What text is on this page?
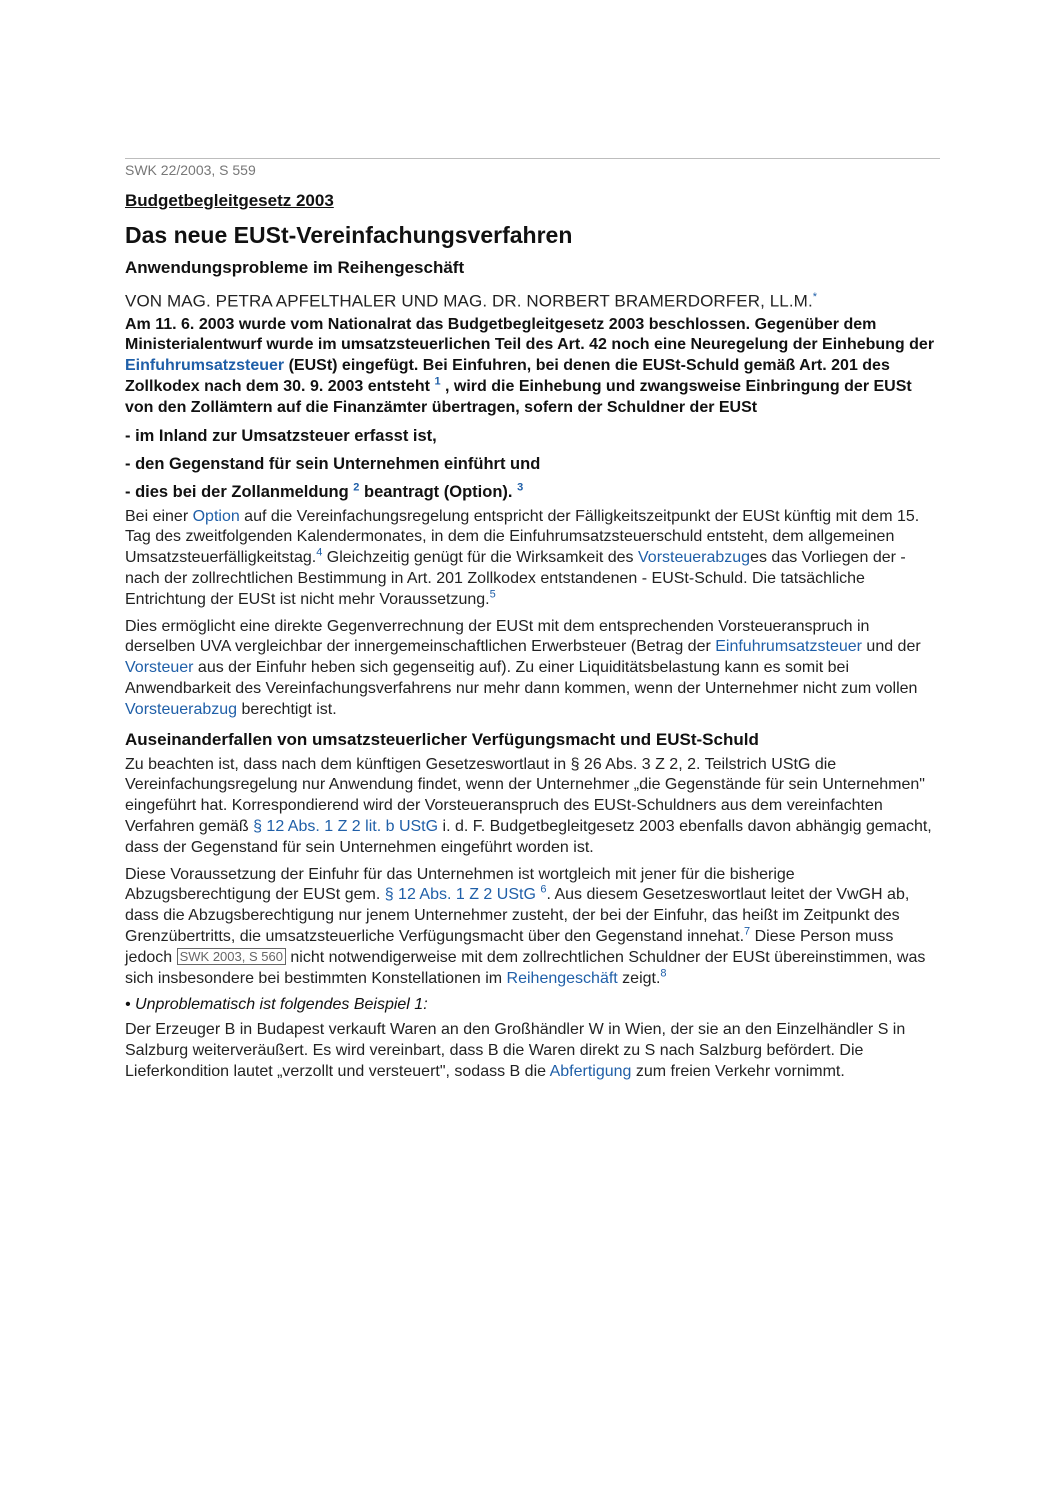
SWK 22/2003, S 559
Budgetbegleitgesetz 2003
Das neue EUSt-Vereinfachungsverfahren
Anwendungsprobleme im Reihengeschäft
VON MAG. PETRA APFELTHALER UND MAG. DR. NORBERT BRAMERDORFER, LL.M.*
Am 11. 6. 2003 wurde vom Nationalrat das Budgetbegleitgesetz 2003 beschlossen. Gegenüber dem Ministerialentwurf wurde im umsatzsteuerlichen Teil des Art. 42 noch eine Neuregelung der Einhebung der Einfuhrumsatzsteuer (EUSt) eingefügt. Bei Einfuhren, bei denen die EUSt-Schuld gemäß Art. 201 des Zollkodex nach dem 30. 9. 2003 entsteht $^1$ , wird die Einhebung und zwangsweise Einbringung der EUSt von den Zollämtern auf die Finanzämter übertragen, sofern der Schuldner der EUSt
- im Inland zur Umsatzsteuer erfasst ist,
- den Gegenstand für sein Unternehmen einführt und
- dies bei der Zollanmeldung $^2$ beantragt (Option). $^3$

Bei einer Option auf die Vereinfachungsregelung entspricht der Fälligkeitszeitpunkt der EUSt künftig mit dem 15. Tag des zweitfolgenden Kalendermonates, in dem die Einfuhrumsatzsteuerschuld entsteht, dem allgemeinen Umsatzsteuerfälligkeitstag.$^4$ Gleichzeitig genügt für die Wirksamkeit des Vorsteuerabzuges das Vorliegen der - nach der zollrechtlichen Bestimmung in Art. 201 Zollkodex entstandenen - EUSt-Schuld. Die tatsächliche Entrichtung der EUSt ist nicht mehr Voraussetzung.$^5$

Dies ermöglicht eine direkte Gegenverrechnung der EUSt mit dem entsprechenden Vorsteueranspruch in derselben UVA vergleichbar der innergemeinschaftlichen Erwerbsteuer (Betrag der Einfuhrumsatzsteuer und der Vorsteuer aus der Einfuhr heben sich gegenseitig auf). Zu einer Liquiditätsbelastung kann es somit bei Anwendbarkeit des Vereinfachungsverfahrens nur mehr dann kommen, wenn der Unternehmer nicht zum vollen Vorsteuerabzug berechtigt ist.

Auseinanderfallen von umsatzsteuerlicher Verfügungsmacht und EUSt-Schuld

Zu beachten ist, dass nach dem künftigen Gesetzeswortlaut in § 26 Abs. 3 Z 2, 2. Teilstrich UStG die Vereinfachungsregelung nur Anwendung findet, wenn der Unternehmer „die Gegenstände für sein Unternehmen" eingeführt hat. Korrespondierend wird der Vorsteueranspruch des EUSt-Schuldners aus dem vereinfachten Verfahren gemäß § 12 Abs. 1 Z 2 lit. b UStG i. d. F. Budgetbegleitgesetz 2003 ebenfalls davon abhängig gemacht, dass der Gegenstand für sein Unternehmen eingeführt worden ist.

Diese Voraussetzung der Einfuhr für das Unternehmen ist wortgleich mit jener für die bisherige Abzugsberechtigung der EUSt gem. § 12 Abs. 1 Z 2 UStG $^6$. Aus diesem Gesetzeswortlaut leitet der VwGH ab, dass die Abzugsberechtigung nur jenem Unternehmer zusteht, der bei der Einfuhr, das heißt im Zeitpunkt des Grenzübertritts, die umsatzsteuerliche Verfügungsmacht über den Gegenstand innehat.$^7$ Diese Person muss jedoch SWK 2003, S 560 nicht notwendigerweise mit dem zollrechtlichen Schuldner der EUSt übereinstimmen, was sich insbesondere bei bestimmten Konstellationen im Reihengeschäft zeigt.$^8$

• Unproblematisch ist folgendes Beispiel 1:

Der Erzeuger B in Budapest verkauft Waren an den Großhändler W in Wien, der sie an den Einzelhändler S in Salzburg weiterveräußert. Es wird vereinbart, dass B die Waren direkt zu S nach Salzburg befördert. Die Lieferkondition lautet „verzollt und versteuert", sodass B die Abfertigung zum freien Verkehr vornimmt.
